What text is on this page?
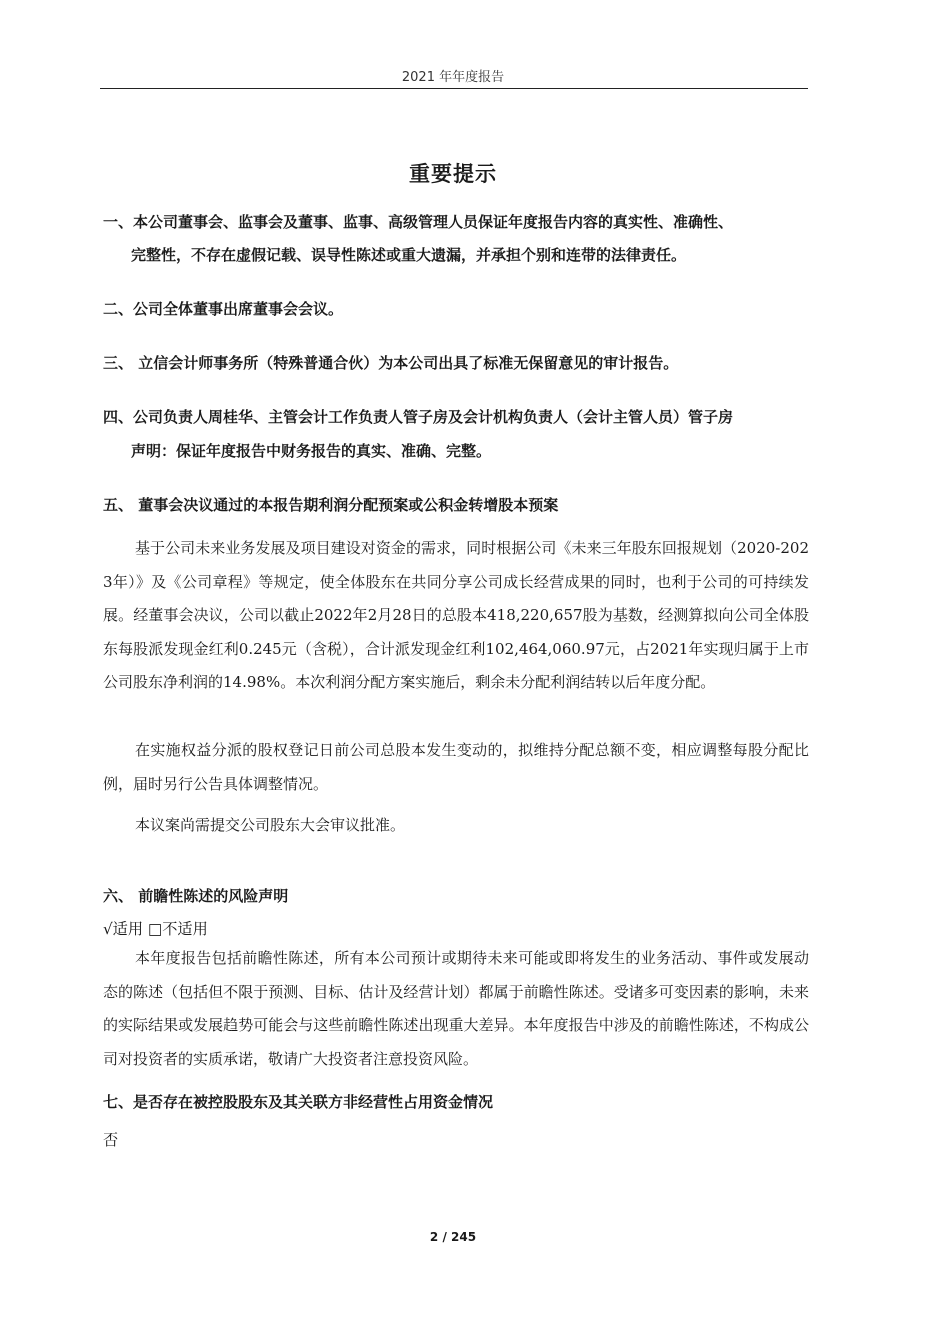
2021 年年度报告
重要提示
一、本公司董事会、监事会及董事、监事、高级管理人员保证年度报告内容的真实性、准确性、
完整性，不存在虚假记载、误导性陈述或重大遗漏，并承担个别和连带的法律责任。
二、公司全体董事出席董事会会议。
三、 立信会计师事务所（特殊普通合伙）为本公司出具了标准无保留意见的审计报告。
四、公司负责人周桂华、主管会计工作负责人管子房及会计机构负责人（会计主管人员）管子房
声明：保证年度报告中财务报告的真实、准确、完整。
五、 董事会决议通过的本报告期利润分配预案或公积金转增股本预案
基于公司未来业务发展及项目建设对资金的需求，同时根据公司《未来三年股东回报规划（2020-2023年）》及《公司章程》等规定，使全体股东在共同分享公司成长经营成果的同时，也利于公司的可持续发展。经董事会决议，公司以截止2022年2月28日的总股本418,220,657股为基数，经测算拟向公司全体股东每股派发现金红利0.245元（含税），合计派发现金红利102,464,060.97元，占2021年实现归属于上市公司股东净利润的14.98%。本次利润分配方案实施后，剩余未分配利润结转以后年度分配。
在实施权益分派的股权登记日前公司总股本发生变动的，拟维持分配总额不变，相应调整每股分配比例，届时另行公告具体调整情况。
本议案尚需提交公司股东大会审议批准。
六、 前瞻性陈述的风险声明
√适用 □不适用
本年度报告包括前瞻性陈述，所有本公司预计或期待未来可能或即将发生的业务活动、事件或发展动态的陈述（包括但不限于预测、目标、估计及经营计划）都属于前瞻性陈述。受诸多可变因素的影响，未来的实际结果或发展趋势可能会与这些前瞻性陈述出现重大差异。本年度报告中涉及的前瞻性陈述，不构成公司对投资者的实质承诺，敬请广大投资者注意投资风险。
七、是否存在被控股股东及其关联方非经营性占用资金情况
否
2 / 245
